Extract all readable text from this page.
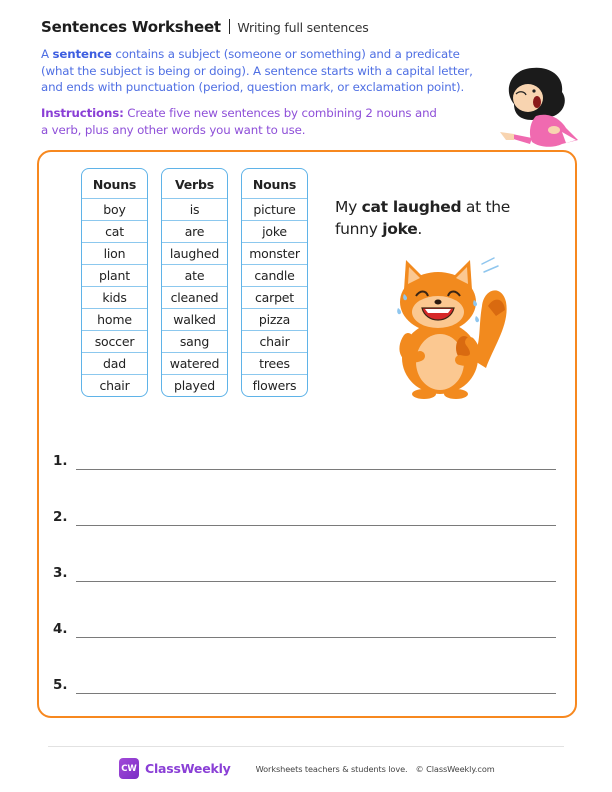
Sentences Worksheet Writing full sentences

A sentence contains a subject (someone or something) and a predicate (what the subject is being or doing). A sentence starts with a capital letter, and ends with punctuation (period, question mark, or exclamation point).

Instructions: Create five new sentences by combining 2 nouns and a verb, plus any other words you want to use.

Nouns
boy
cat
lion
plant
kids
home
soccer
dad
chair
Verbs
is
are
laughed
ate
cleaned
walked
sang
watered
played
Nouns
picture
joke
monster
candle
carpet
pizza
chair
trees
flowers

My cat laughed at the funny joke.

1.
2.
3.
4.
5.
CW ClassWeekly	Worksheets teachers & students love. © ClassWeekly.com
